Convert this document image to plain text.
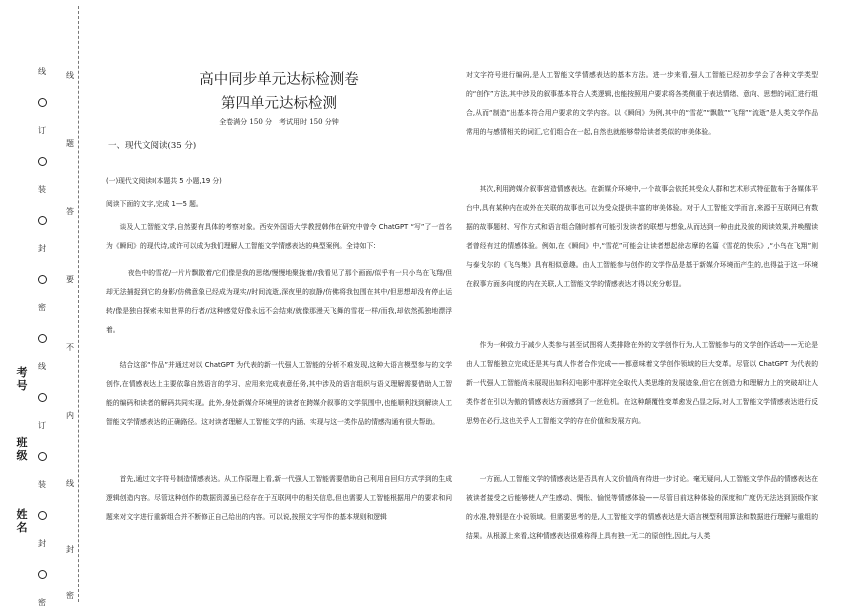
线
订
装
封
密
线
订
装
封
密
线
题
答
要
不
内
线
封
密
姓名
班级
考号
高中同步单元达标检测卷
第四单元达标检测
全卷满分 150 分　考试用时 150 分钟
一、现代文阅读(35 分)

(一)现代文阅读Ⅰ(本题共 5 小题,19 分)

阅读下面的文字,完成 1—5 题。

谈及人工智能文学,自然要有具体的考察对象。西安外国语大学教授韩伟在研究中曾令 ChatGPT “写”了一首名为《瞬间》的现代诗,或许可以成为我们理解人工智能文学情感表达的典型案例。全诗如下:

夜色中的雪花/一片片飘散着/它们像是我的思绪/慢慢地聚拢着//我看见了那个画面/似乎有一只小鸟在飞翔/但却无法捕捉到它的身影/仿佛意象已经成为现实//时间流逝,深夜里的寂静/仿佛将我包围在其中/但思想却没有停止运转/像是独自探索未知世界的行者//这种感觉好像永远不会结束/就像那漫天飞舞的雪花一样/而我,却依然孤独地漂浮着。

结合这部“作品”并通过对以 ChatGPT 为代表的新一代强人工智能的分析不难发现,这种大语言模型参与的文学创作,在情感表达上主要依靠自然语言的学习、应用来完成表意任务,其中涉及的语言组织与语义理解需要借助人工智能的编码和读者的解码共同实现。此外,身处新媒介环境里的读者在跨媒介叙事的文学氛围中,也能顺利找到解读人工智能文学情感表达的正确路径。这对读者理解人工智能文学的内涵、实现与这一类作品的情感沟通有很大帮助。

首先,通过文字符号制造情感表达。从工作原理上看,新一代强人工智能需要借助自己利用自回归方式学到的生成逻辑创造内容。尽管这种创作的数据资源虽已经存在于互联网中的相关信息,但也需要人工智能根据用户的要求和问题来对文字进行重新组合并不断修正自己给出的内容。可以说,按照文字写作的基本规则和逻辑

对文字符号进行编码,是人工智能文学情感表达的基本方法。进一步来看,强人工智能已经初步学会了各种文学类型的“创作”方法,其中涉及的叙事基本符合人类逻辑,也能按照用户要求将各类侧重于表达情绪、意向、思想的词汇进行组合,从而“制造”出基本符合用户要求的文学内容。以《瞬间》为例,其中的“雪花”“飘散”“飞翔”“流逝”是人类文学作品常用的与感情相关的词汇,它们组合在一起,自然也就能够带给读者类似的审美体验。

其次,利用跨媒介叙事营造情感表达。在新媒介环境中,一个故事会依托其受众人群和艺术形式特征散布于各媒体平台中,具有某种内在或外在关联的故事也可以为受众提供丰富的审美体验。对于人工智能文学而言,来源于互联网已有数据的故事题材、写作方式和语言组合随时都有可能引发读者的联想与想象,从而达到一种由此及彼的阅读效果,并唤醒读者曾经有过的情感体验。例如,在《瞬间》中,“雪花”可能会让读者想起徐志摩的名篇《雪花的快乐》,“小鸟在飞翔”则与泰戈尔的《飞鸟集》具有相似意趣。由人工智能参与创作的文学作品是基于新媒介环境而产生的,也得益于这一环境在叙事方面多向度的内在关联,人工智能文学的情感表达才得以充分彰显。

作为一种致力于减少人类参与甚至试图将人类排除在外的文学创作行为,人工智能参与的文学创作活动——无论是由人工智能独立完成还是其与真人作者合作完成——都意味着文学创作领域的巨大变革。尽管以 ChatGPT 为代表的新一代强人工智能尚未展现出如科幻电影中那样完全取代人类思维的发展迹象,但它在创造力和理解力上的突破却让人类作者在引以为傲的情感表达方面感到了一丝危机。在这种颠覆性变革愈发凸显之际,对人工智能文学情感表达进行反思势在必行,这也关乎人工智能文学的存在价值和发展方向。

一方面,人工智能文学的情感表达是否具有人文价值尚有待进一步讨论。毫无疑问,人工智能文学作品的情感表达在被读者接受之后能够使人产生感动、惆怅、愉悦等情感体验——尽管目前这种体验的深度和广度仍无法达到顶级作家的水准,特别是在小说领域。但需要思考的是,人工智能文学的情感表达是大语言模型利用算法和数据进行理解与重组的结果。从根源上来看,这种情感表达很难称得上具有独一无二的原创性,因此,与人类
